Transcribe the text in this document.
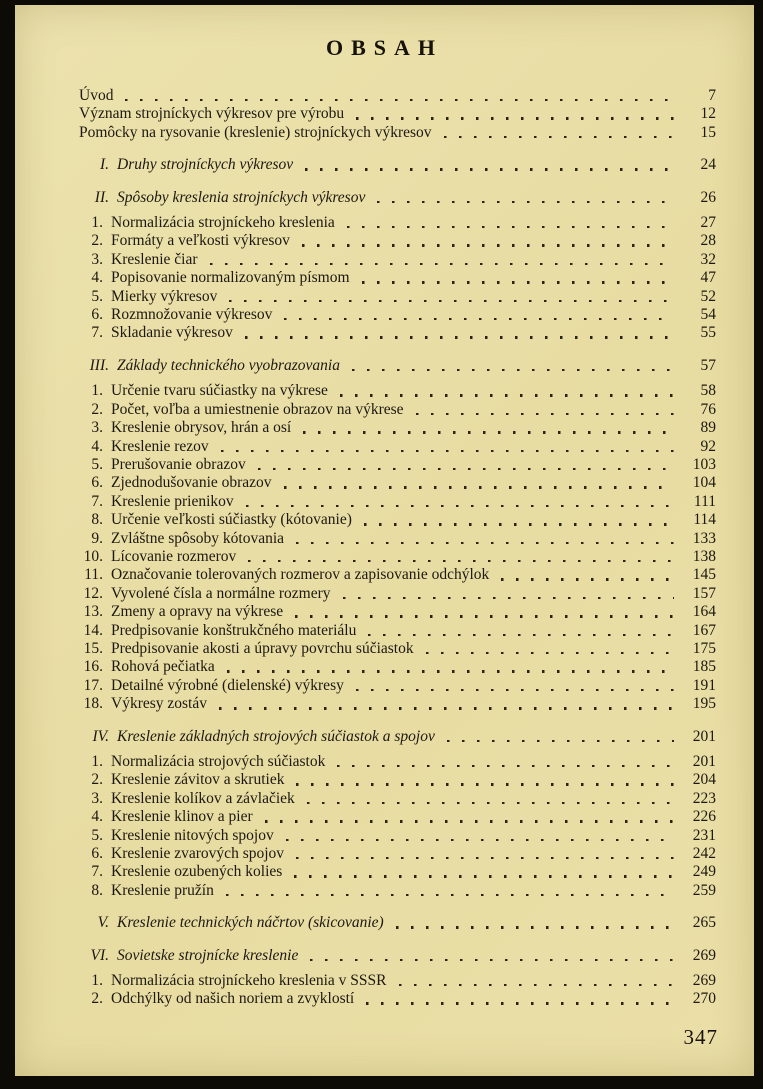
OBSAH
Úvod	7
Význam strojníckych výkresov pre výrobu	12
Pomôcky na rysovanie (kreslenie) strojníckych výkresov	15
I. Druhy strojníckych výkresov	24
II. Spôsoby kreslenia strojníckych výkresov	26
1. Normalizácia strojníckeho kreslenia	27
2. Formáty a veľkosti výkresov	28
3. Kreslenie čiar	32
4. Popisovanie normalizovaným písmom	47
5. Mierky výkresov	52
6. Rozmnožovanie výkresov	54
7. Skladanie výkresov	55
III. Základy technického vyobrazovania	57
1. Určenie tvaru súčiastky na výkrese	58
2. Počet, voľba a umiestnenie obrazov na výkrese	76
3. Kreslenie obrysov, hrán a osí	89
4. Kreslenie rezov	92
5. Prerušovanie obrazov	103
6. Zjednodušovanie obrazov	104
7. Kreslenie prienikov	111
8. Určenie veľkosti súčiastky (kótovanie)	114
9. Zvláštne spôsoby kótovania	133
10. Lícovanie rozmerov	138
11. Označovanie tolerovaných rozmerov a zapisovanie odchýlok	145
12. Vyvolené čísla a normálne rozmery	157
13. Zmeny a opravy na výkrese	164
14. Predpisovanie konštrukčného materiálu	167
15. Predpisovanie akosti a úpravy povrchu súčiastok	175
16. Rohová pečiatka	185
17. Detailné výrobné (dielenské) výkresy	191
18. Výkresy zostáv	195
IV. Kreslenie základných strojových súčiastok a spojov	201
1. Normalizácia strojových súčiastok	201
2. Kreslenie závitov a skrutiek	204
3. Kreslenie kolíkov a závlačiek	223
4. Kreslenie klinov a pier	226
5. Kreslenie nitových spojov	231
6. Kreslenie zvarových spojov	242
7. Kreslenie ozubených kolies	249
8. Kreslenie pružín	259
V. Kreslenie technických náčrtov (skicovanie)	265
VI. Sovietske strojnícke kreslenie	269
1. Normalizácia strojníckeho kreslenia v SSSR	269
2. Odchýlky od našich noriem a zvyklostí	270
347
